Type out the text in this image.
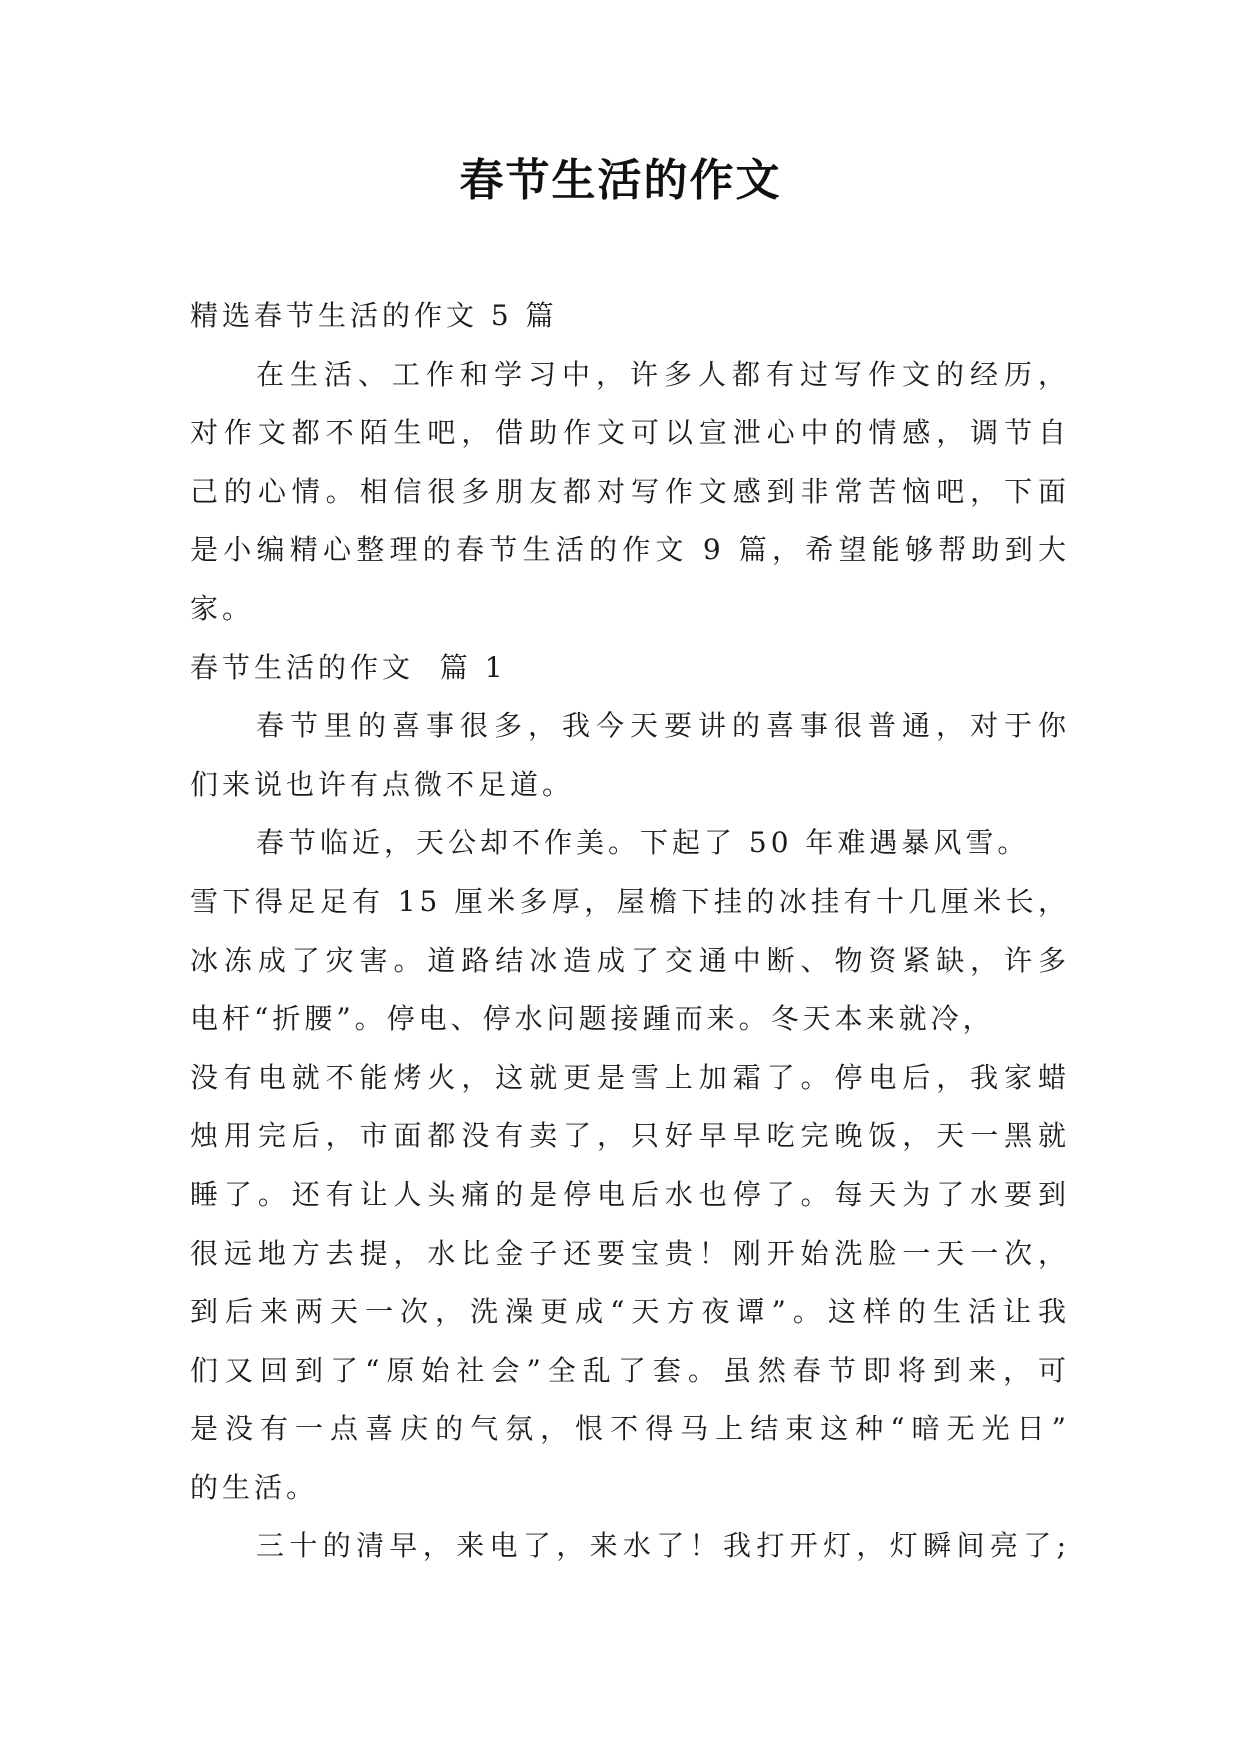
春节生活的作文
精选春节生活的作文 5 篇
在生活、工作和学习中，许多人都有过写作文的经历，
对作文都不陌生吧，借助作文可以宣泄心中的情感，调节自
己的心情。相信很多朋友都对写作文感到非常苦恼吧，下面
是小编精心整理的春节生活的作文 9 篇，希望能够帮助到大
家。
春节生活的作文  篇 1
春节里的喜事很多，我今天要讲的喜事很普通，对于你
们来说也许有点微不足道。
春节临近，天公却不作美。下起了 50 年难遇暴风雪。
雪下得足足有 15 厘米多厚，屋檐下挂的冰挂有十几厘米长，
冰冻成了灾害。道路结冰造成了交通中断、物资紧缺，许多
电杆“折腰”。停电、停水问题接踵而来。冬天本来就冷，
没有电就不能烤火，这就更是雪上加霜了。停电后，我家蜡
烛用完后，市面都没有卖了，只好早早吃完晚饭，天一黑就
睡了。还有让人头痛的是停电后水也停了。每天为了水要到
很远地方去提，水比金子还要宝贵！刚开始洗脸一天一次，
到后来两天一次，洗澡更成“天方夜谭”。这样的生活让我
们又回到了“原始社会”全乱了套。虽然春节即将到来，可
是没有一点喜庆的气氛，恨不得马上结束这种“暗无光日”
的生活。
三十的清早，来电了，来水了！我打开灯，灯瞬间亮了;
